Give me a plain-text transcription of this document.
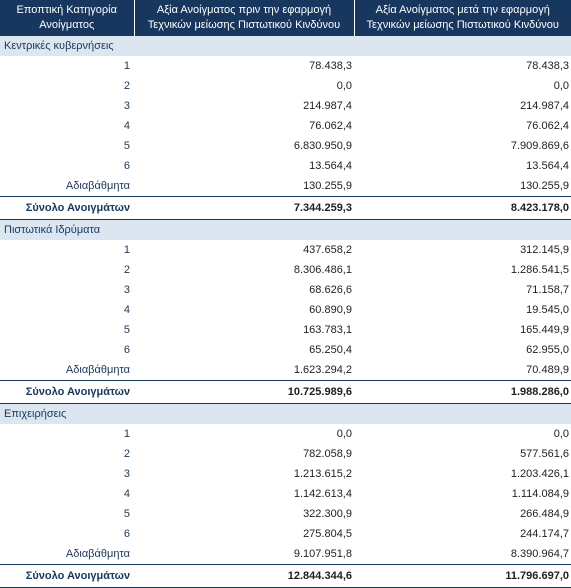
Εποπτική Κατηγορία Ανοίγματος	Αξία Ανοίγματος πριν την εφαρμογή Τεχνικών μείωσης Πιστωτικού Κινδύνου	Αξία Ανοίγματος μετά την εφαρμογή Τεχνικών μείωσης Πιστωτικού Κινδύνου
Κεντρικές κυβερνήσεις		
1	78.438,3	78.438,3
2	0,0	0,0
3	214.987,4	214.987,4
4	76.062,4	76.062,4
5	6.830.950,9	7.909.869,6
6	13.564,4	13.564,4
Αδιαβάθμητα	130.255,9	130.255,9
Σύνολο Ανοιγμάτων	7.344.259,3	8.423.178,0
Πιστωτικά Ιδρύματα		
1	437.658,2	312.145,9
2	8.306.486,1	1.286.541,5
3	68.626,6	71.158,7
4	60.890,9	19.545,0
5	163.783,1	165.449,9
6	65.250,4	62.955,0
Αδιαβάθμητα	1.623.294,2	70.489,9
Σύνολο Ανοιγμάτων	10.725.989,6	1.988.286,0
Επιχειρήσεις		
1	0,0	0,0
2	782.058,9	577.561,6
3	1.213.615,2	1.203.426,1
4	1.142.613,4	1.114.084,9
5	322.300,9	266.484,9
6	275.804,5	244.174,7
Αδιαβάθμητα	9.107.951,8	8.390.964,7
Σύνολο Ανοιγμάτων	12.844.344,6	11.796.697,0
